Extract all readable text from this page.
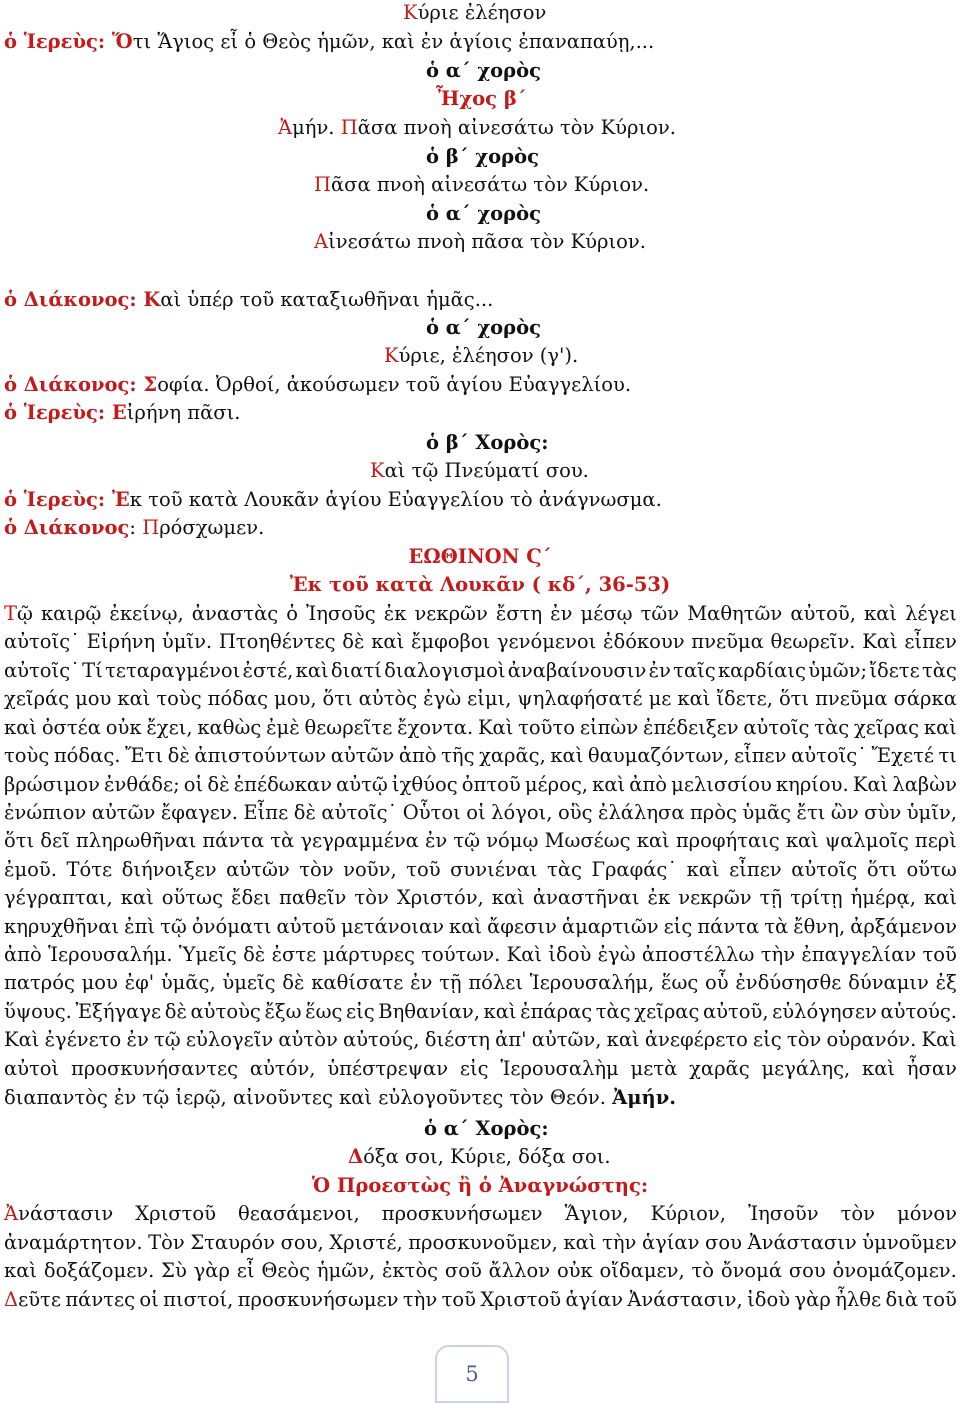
Κύριε ἐλέησον
ὁ Ἱερεὺς: Ὅτι Ἅγιος εἶ ὁ Θεὸς ἡμῶν, καὶ ἐν ἁγίοις ἐπαναπαύῃ,...
ὁ α΄ χορὸς
Ἦχος β΄
Ἀμήν. Πᾶσα πνοὴ αἰνεσάτω τὸν Κύριον.
ὁ β΄ χορὸς
Πᾶσα πνοὴ αἰνεσάτω τὸν Κύριον.
ὁ α΄ χορὸς
Αἰνεσάτω πνοὴ πᾶσα τὸν Κύριον.
ὁ Διάκονος: Καὶ ὑπέρ τοῦ καταξιωθῆναι ἡμᾶς...
ὁ α΄ χορὸς
Κύριε, ἐλέησον (γ').
ὁ Διάκονος: Σοφία. Ὀρθοί, ἀκούσωμεν τοῦ ἁγίου Εὐαγγελίου.
ὁ Ἱερεὺς: Εἰρήνη πᾶσι.
ὁ β΄ Χορὸς:
Καὶ τῷ Πνεύματί σου.
ὁ Ἱερεὺς: Ἐκ τοῦ κατὰ Λουκᾶν ἁγίου Εὐαγγελίου τὸ ἀνάγνωσμα.
ὁ Διάκονος: Πρόσχωμεν.
ΕΩΘΙΝΟΝ Ϛ΄
Ἐκ τοῦ κατὰ Λουκᾶν ( κδ΄, 36-53)
Τῷ καιρῷ ἐκείνῳ, ἀναστὰς ὁ Ἰησοῦς ἐκ νεκρῶν ἔστη ἐν μέσῳ τῶν Μαθητῶν αὐτοῦ, καὶ λέγει
αὐτοῖς˙ Εἰρήνη ὑμῖν. Πτοηθέντες δὲ καὶ ἔμφοβοι γενόμενοι ἐδόκουν πνεῦμα θεωρεῖν. Καὶ εἶπεν
αὐτοῖς˙ Τί τεταραγμένοι ἐστέ, καὶ διατί διαλογισμοὶ ἀναβαίνουσιν ἐν ταῖς καρδίαις ὑμῶν; ἴδετε τὰς
χεῖράς μου καὶ τοὺς πόδας μου, ὅτι αὐτὸς ἐγὼ εἰμι, ψηλαφήσατέ με καὶ ἴδετε, ὅτι πνεῦμα σάρκα
καὶ ὀστέα οὐκ ἔχει, καθὼς ἐμὲ θεωρεῖτε ἔχοντα. Καὶ τοῦτο εἰπὼν ἐπέδειξεν αὐτοῖς τὰς χεῖρας καὶ
τοὺς πόδας. Ἔτι δὲ ἀπιστούντων αὐτῶν ἀπὸ τῆς χαρᾶς, καὶ θαυμαζόντων, εἶπεν αὐτοῖς˙ Ἔχετέ τι
βρώσιμον ἐνθάδε; οἱ δὲ ἐπέδωκαν αὐτῷ ἰχθύος ὀπτοῦ μέρος, καὶ ἀπὸ μελισσίου κηρίου. Καὶ λαβὼν
ἐνώπιον αὐτῶν ἔφαγεν. Εἶπε δὲ αὐτοῖς˙ Οὗτοι οἱ λόγοι, οὓς ἐλάλησα πρὸς ὑμᾶς ἔτι ὢν σὺν ὑμῖν,
ὅτι δεῖ πληρωθῆναι πάντα τὰ γεγραμμένα ἐν τῷ νόμῳ Μωσέως καὶ προφήταις καὶ ψαλμοῖς περὶ
ἐμοῦ. Τότε διήνοιξεν αὐτῶν τὸν νοῦν, τοῦ συνιέναι τὰς Γραφάς˙ καὶ εἶπεν αὐτοῖς ὅτι οὕτω
γέγραπται, καὶ οὕτως ἔδει παθεῖν τὸν Χριστόν, καὶ ἀναστῆναι ἐκ νεκρῶν τῇ τρίτῃ ἡμέρᾳ, καὶ
κηρυχθῆναι ἐπὶ τῷ ὀνόματι αὐτοῦ μετάνοιαν καὶ ἄφεσιν ἁμαρτιῶν εἰς πάντα τὰ ἔθνη, ἀρξάμενον
ἀπὸ Ἱερουσαλήμ. Ὑμεῖς δὲ ἐστε μάρτυρες τούτων. Καὶ ἰδοὺ ἐγὼ ἀποστέλλω τὴν ἐπαγγελίαν τοῦ
πατρός μου ἐφ' ὑμᾶς, ὑμεῖς δὲ καθίσατε ἐν τῇ πόλει Ἱερουσαλήμ, ἕως οὗ ἐνδύσησθε δύναμιν ἐξ
ὕψους. Ἐξήγαγε δὲ αὐτοὺς ἔξω ἕως εἰς Βηθανίαν, καὶ ἐπάρας τὰς χεῖρας αὐτοῦ, εὐλόγησεν αὐτούς.
Καὶ ἐγένετο ἐν τῷ εὐλογεῖν αὐτὸν αὐτούς, διέστη ἀπ' αὐτῶν, καὶ ἀνεφέρετο εἰς τὸν οὐρανόν. Καὶ
αὐτοὶ προσκυνήσαντες αὐτόν, ὑπέστρεψαν εἰς Ἱερουσαλὴμ μετὰ χαρᾶς μεγάλης, καὶ ἦσαν
διαπαντὸς ἐν τῷ ἱερῷ, αἰνοῦντες καὶ εὐλογοῦντες τὸν Θεόν. Ἀμήν.
ὁ α΄ Χορὸς:
Δόξα σοι, Κύριε, δόξα σοι.
Ὁ Προεστὼς ἢ ὁ Ἀναγνώστης:
Ἀνάστασιν Χριστοῦ θεασάμενοι, προσκυνήσωμεν Ἅγιον, Κύριον, Ἰησοῦν τὸν μόνον
ἀναμάρτητον. Τὸν Σταυρόν σου, Χριστέ, προσκυνοῦμεν, καὶ τὴν ἁγίαν σου Ἀνάστασιν ὑμνοῦμεν
καὶ δοξάζομεν. Σὺ γὰρ εἶ Θεὸς ἡμῶν, ἐκτὸς σοῦ ἄλλον οὐκ οἴδαμεν, τὸ ὄνομά σου ὀνομάζομεν.
Δεῦτε πάντες οἱ πιστοί, προσκυνήσωμεν τὴν τοῦ Χριστοῦ ἁγίαν Ἀνάστασιν, ἰδοὺ γὰρ ἦλθε διὰ τοῦ
5
